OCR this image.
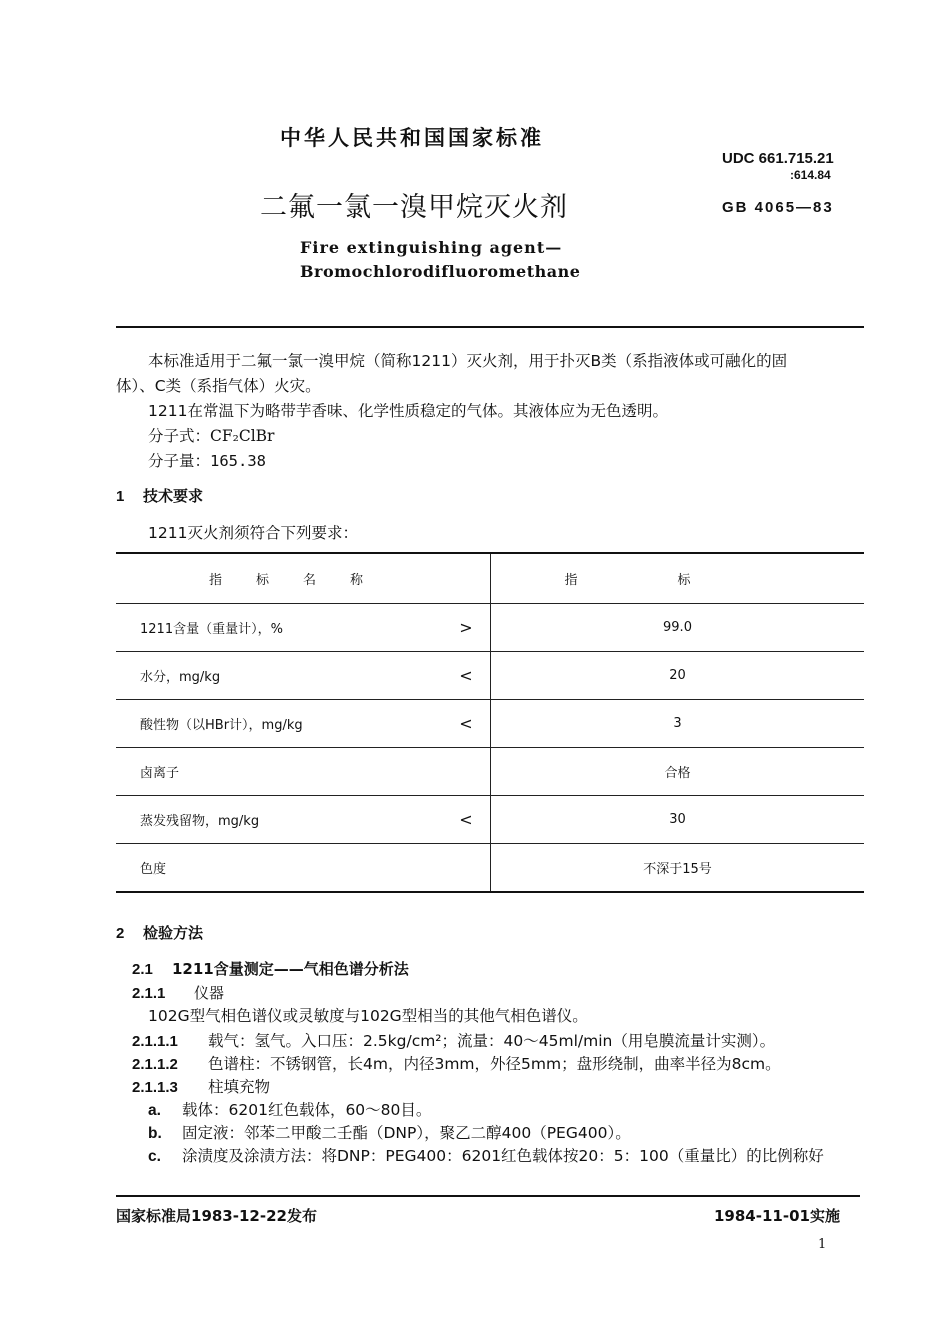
中华人民共和国国家标准
UDC 661.715.21
:614.84
二氟一氯一溴甲烷灭火剂	GB 4065—83
Fire extinguishing agent—
Bromochlorodifluoromethane
本标准适用于二氟一氯一溴甲烷（简称1211）灭火剂，用于扑灭B类（系指液体或可融化的固
体）、C类（系指气体）火灾。
1211在常温下为略带芋香味、化学性质稳定的气体。其液体应为无色透明。
分子式：CF₂ClBr
分子量：165.38
1 技术要求
1211灭火剂须符合下列要求：
指标名称		指标
1211含量（重量计），%	>	99.0
水分，mg/kg	<	20
酸性物（以HBr计），mg/kg	<	3
卤离子		合格
蒸发残留物，mg/kg	<	30
色度		不深于15号
2 检验方法
2.1 1211含量测定——气相色谱分析法
2.1.1 仪器
102G型气相色谱仪或灵敏度与102G型相当的其他气相色谱仪。
2.1.1.1 载气：氢气。入口压：2.5kg/cm²；流量：40～45ml/min（用皂膜流量计实测）。
2.1.1.2 色谱柱：不锈钢管，长4m，内径3mm，外径5mm；盘形绕制，曲率半径为8cm。
2.1.1.3 柱填充物
a. 载体：6201红色载体，60～80目。
b. 固定液：邻苯二甲酸二壬酯（DNP），聚乙二醇400（PEG400）。
c. 涂渍度及涂渍方法：将DNP：PEG400：6201红色载体按20：5：100（重量比）的比例称好
国家标准局1983-12-22发布	1984-11-01实施
1
